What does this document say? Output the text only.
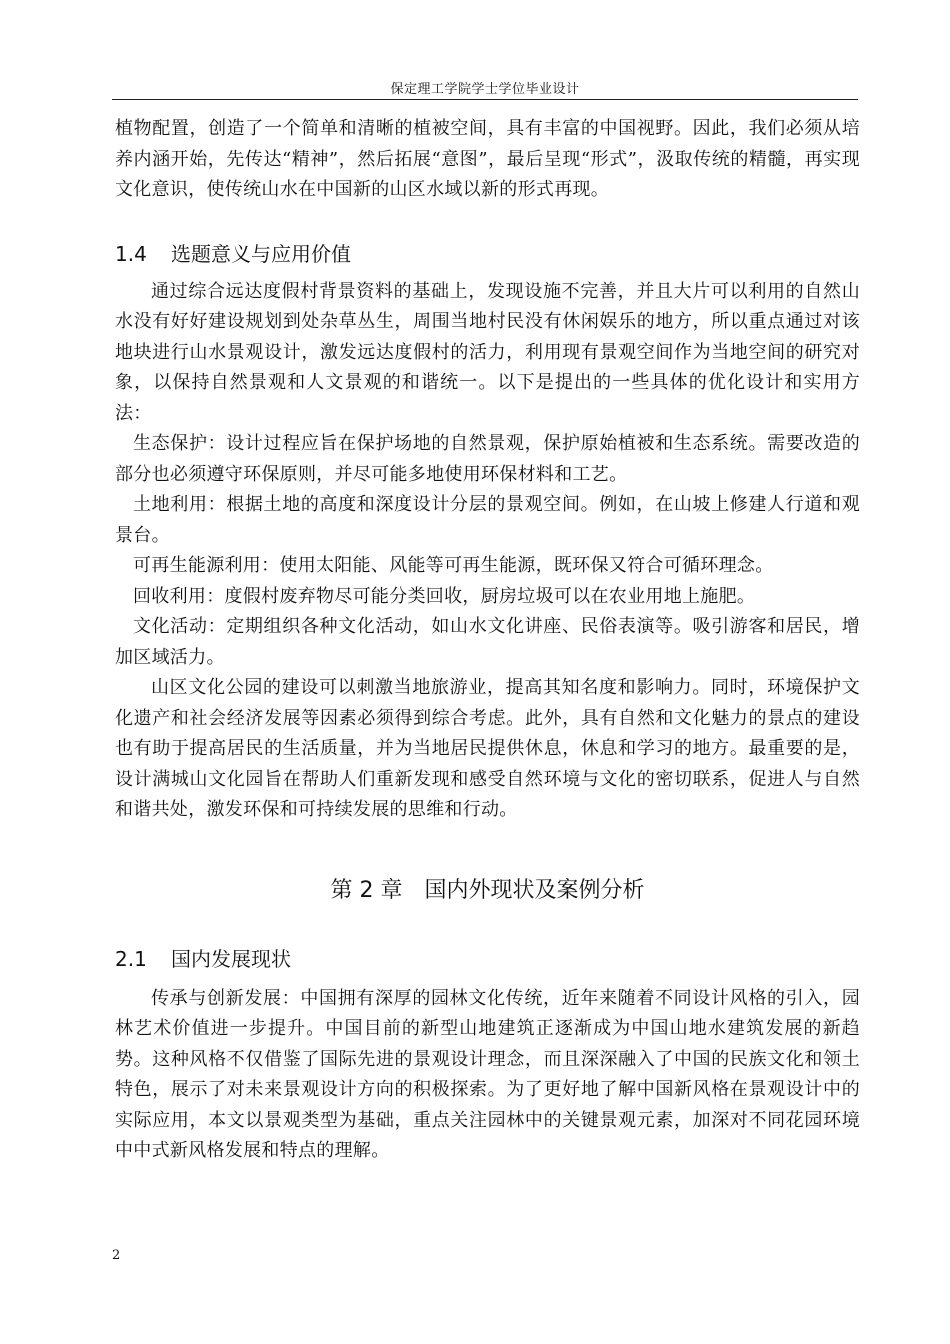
保定理工学院学士学位毕业设计

植物配置，创造了一个简单和清晰的植被空间，具有丰富的中国视野。因此，我们必须从培养内涵开始，先传达“精神”，然后拓展“意图”，最后呈现“形式”，汲取传统的精髓，再实现文化意识，使传统山水在中国新的山区水域以新的形式再现。

1.4 选题意义与应用价值

通过综合远达度假村背景资料的基础上，发现设施不完善，并且大片可以利用的自然山水没有好好建设规划到处杂草丛生，周围当地村民没有休闲娱乐的地方，所以重点通过对该地块进行山水景观设计，激发远达度假村的活力，利用现有景观空间作为当地空间的研究对象，以保持自然景观和人文景观的和谐统一。以下是提出的一些具体的优化设计和实用方法：

生态保护：设计过程应旨在保护场地的自然景观，保护原始植被和生态系统。需要改造的部分也必须遵守环保原则，并尽可能多地使用环保材料和工艺。

土地利用：根据土地的高度和深度设计分层的景观空间。例如，在山坡上修建人行道和观景台。

可再生能源利用：使用太阳能、风能等可再生能源，既环保又符合可循环理念。

回收利用：度假村废弃物尽可能分类回收，厨房垃圾可以在农业用地上施肥。

文化活动：定期组织各种文化活动，如山水文化讲座、民俗表演等。吸引游客和居民，增加区域活力。

山区文化公园的建设可以刺激当地旅游业，提高其知名度和影响力。同时，环境保护文化遗产和社会经济发展等因素必须得到综合考虑。此外，具有自然和文化魅力的景点的建设也有助于提高居民的生活质量，并为当地居民提供休息，休息和学习的地方。最重要的是，设计满城山文化园旨在帮助人们重新发现和感受自然环境与文化的密切联系，促进人与自然和谐共处，激发环保和可持续发展的思维和行动。

第 2 章　国内外现状及案例分析
2.1 国内发展现状

传承与创新发展：中国拥有深厚的园林文化传统，近年来随着不同设计风格的引入，园林艺术价值进一步提升。中国目前的新型山地建筑正逐渐成为中国山地水建筑发展的新趋势。这种风格不仅借鉴了国际先进的景观设计理念，而且深深融入了中国的民族文化和领土特色，展示了对未来景观设计方向的积极探索。为了更好地了解中国新风格在景观设计中的实际应用，本文以景观类型为基础，重点关注园林中的关键景观元素，加深对不同花园环境中中式新风格发展和特点的理解。

2
